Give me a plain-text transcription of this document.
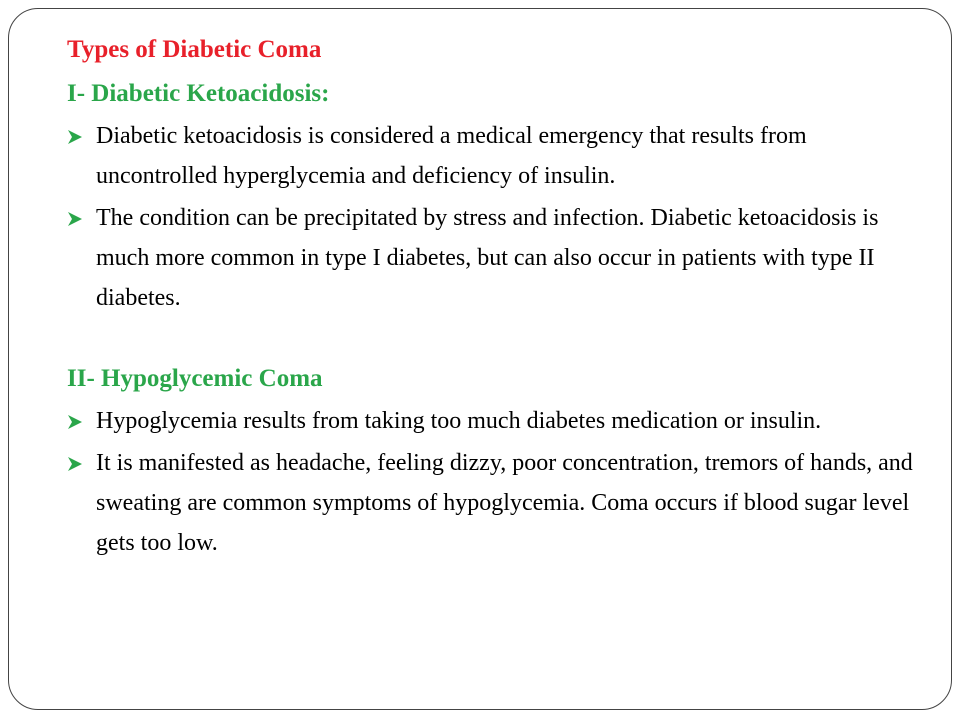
Types of Diabetic Coma
I- Diabetic Ketoacidosis:
Diabetic ketoacidosis is considered a medical emergency that results from uncontrolled hyperglycemia and deficiency of insulin.
The condition can be precipitated by stress and infection. Diabetic ketoacidosis is much more common in type I diabetes, but can also occur in patients with type II diabetes.
II- Hypoglycemic Coma
Hypoglycemia results from taking too much diabetes medication or insulin.
It is manifested as headache, feeling dizzy, poor concentration, tremors of hands, and sweating are common symptoms of hypoglycemia. Coma occurs if blood sugar level gets too low.
